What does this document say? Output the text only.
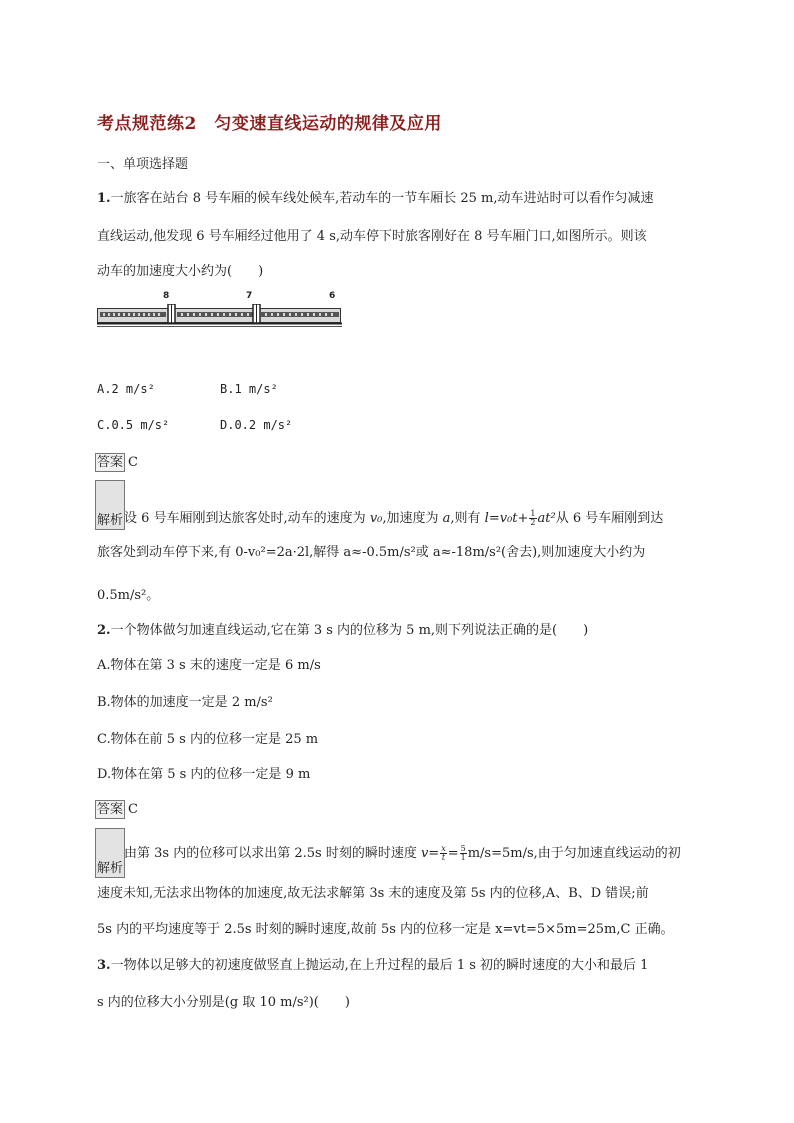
考点规范练2　匀变速直线运动的规律及应用
一、单项选择题
1.一旅客在站台 8 号车厢的候车线处候车,若动车的一节车厢长 25 m,动车进站时可以看作匀减速
直线运动,他发现 6 号车厢经过他用了 4 s,动车停下时旅客刚好在 8 号车厢门口,如图所示。则该
动车的加速度大小约为(　　)
8	7	6
A.2 m/s²	B.1 m/s²
C.0.5 m/s²	D.0.2 m/s²
答案 C
解析 设 6 号车厢刚到达旅客处时,动车的速度为 v₀,加速度为 a,则有 $l=v_0t+ \frac{1}{2} at^2$从 6 号车厢刚到达
旅客处到动车停下来,有 0-v₀²=2a·2l,解得 a≈-0.5m/s²或 a≈-18m/s²(舍去),则加速度大小约为
0.5m/s²。
2.一个物体做匀加速直线运动,它在第 3 s 内的位移为 5 m,则下列说法正确的是(　　)
A.物体在第 3 s 末的速度一定是 6 m/s
B.物体的加速度一定是 2 m/s²
C.物体在前 5 s 内的位移一定是 25 m
D.物体在第 5 s 内的位移一定是 9 m
答案 C
解析
由第 3s 内的位移可以求出第 2.5s 时刻的瞬时速度 $v= \frac{x}{t} = \frac{5}{1} m/s=5m/s$,由于匀加速直线运动的初
速度未知,无法求出物体的加速度,故无法求解第 3s 末的速度及第 5s 内的位移,A、B、D 错误;前
5s 内的平均速度等于 2.5s 时刻的瞬时速度,故前 5s 内的位移一定是 x=vt=5×5m=25m,C 正确。
3.一物体以足够大的初速度做竖直上抛运动,在上升过程的最后 1 s 初的瞬时速度的大小和最后 1
s 内的位移大小分别是(g 取 10 m/s²)(　　)
